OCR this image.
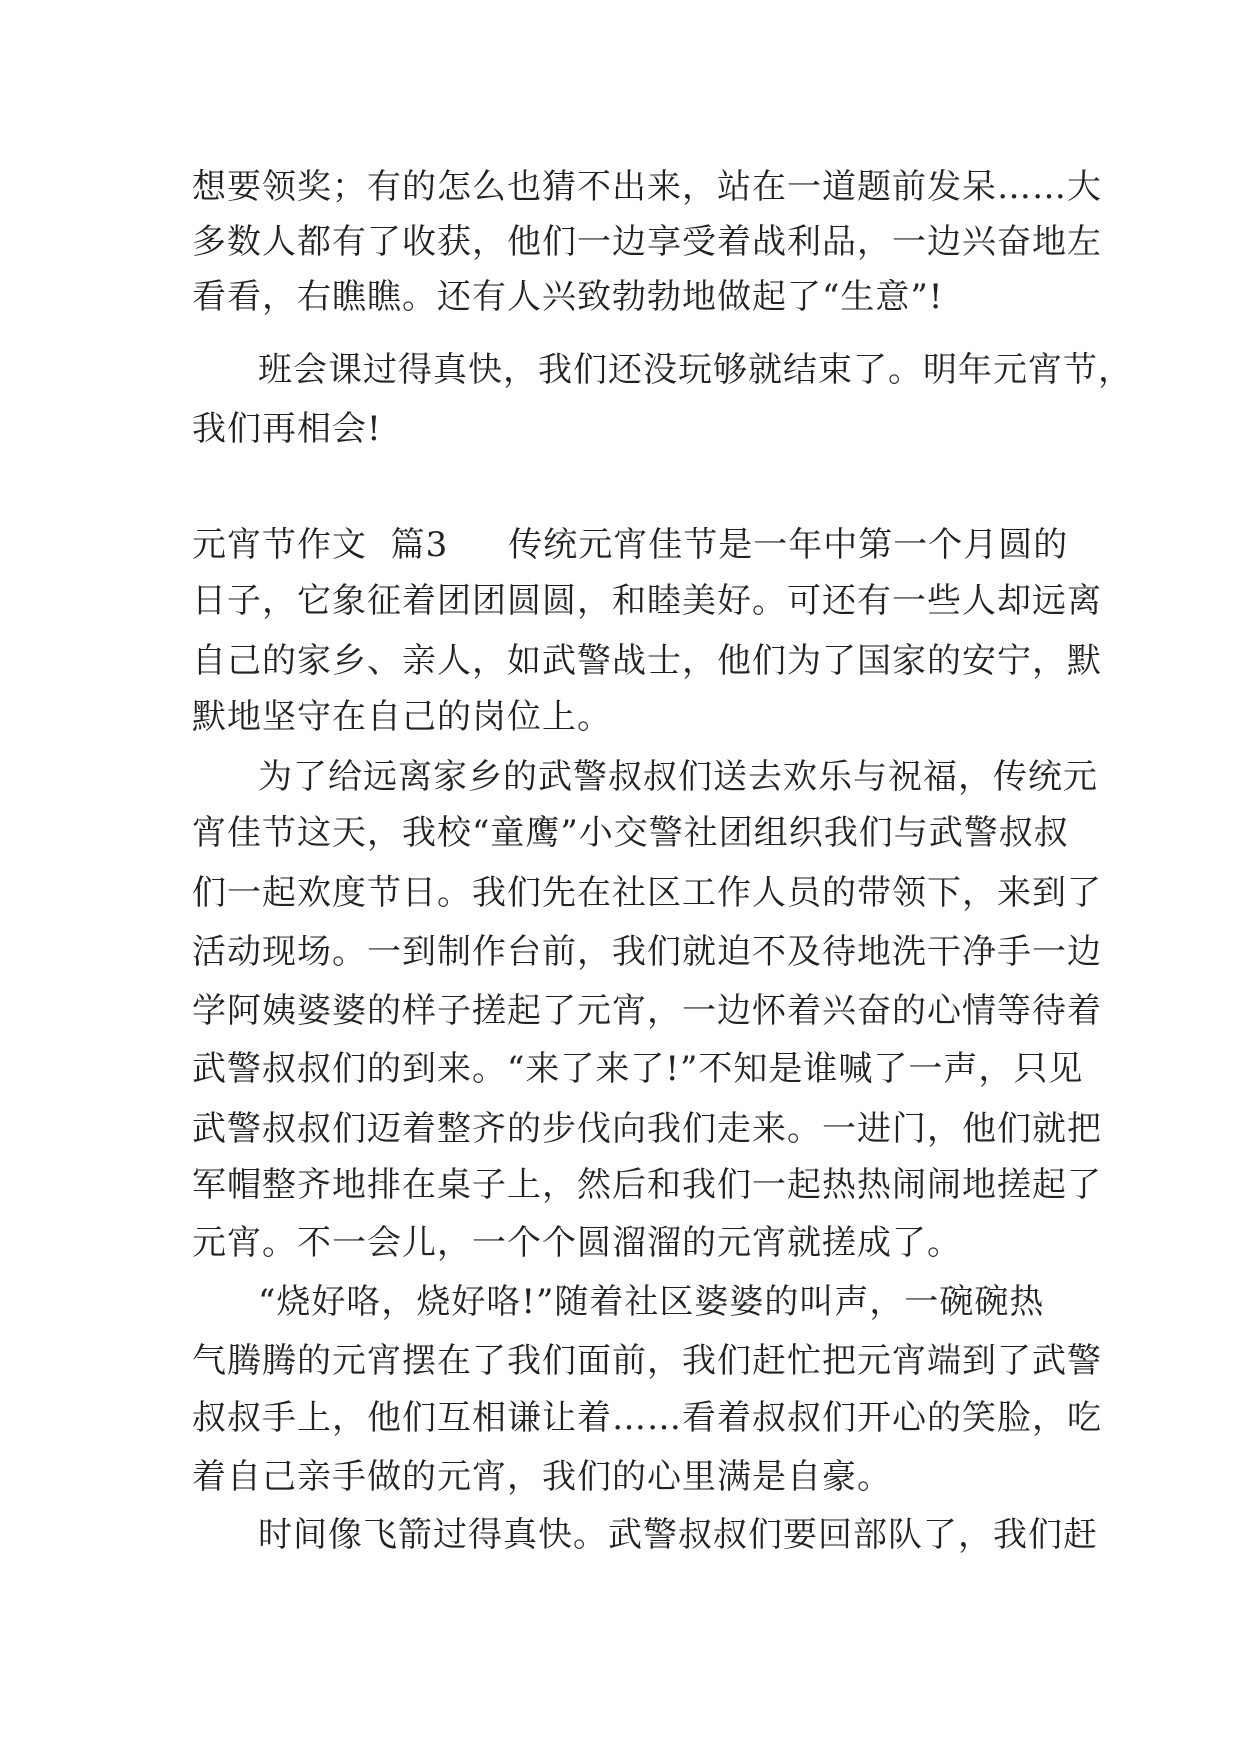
想要领奖；有的怎么也猜不出来，站在一道题前发呆……大
多数人都有了收获，他们一边享受着战利品，一边兴奋地左
看看，右瞧瞧。还有人兴致勃勃地做起了“生意”!
班会课过得真快，我们还没玩够就结束了。明年元宵节，
我们再相会!
元宵节作文  篇3 传统元宵佳节是一年中第一个月圆的
日子，它象征着团团圆圆，和睦美好。可还有一些人却远离
自己的家乡、亲人，如武警战士，他们为了国家的安宁，默
默地坚守在自己的岗位上。
为了给远离家乡的武警叔叔们送去欢乐与祝福，传统元
宵佳节这天，我校“童鹰”小交警社团组织我们与武警叔叔
们一起欢度节日。我们先在社区工作人员的带领下，来到了
活动现场。一到制作台前，我们就迫不及待地洗干净手一边
学阿姨婆婆的样子搓起了元宵，一边怀着兴奋的心情等待着
武警叔叔们的到来。“来了来了!”不知是谁喊了一声，只见
武警叔叔们迈着整齐的步伐向我们走来。一进门，他们就把
军帽整齐地排在桌子上，然后和我们一起热热闹闹地搓起了
元宵。不一会儿，一个个圆溜溜的元宵就搓成了。
“烧好咯，烧好咯!”随着社区婆婆的叫声，一碗碗热
气腾腾的元宵摆在了我们面前，我们赶忙把元宵端到了武警
叔叔手上，他们互相谦让着……看着叔叔们开心的笑脸，吃
着自己亲手做的元宵，我们的心里满是自豪。
时间像飞箭过得真快。武警叔叔们要回部队了，我们赶
